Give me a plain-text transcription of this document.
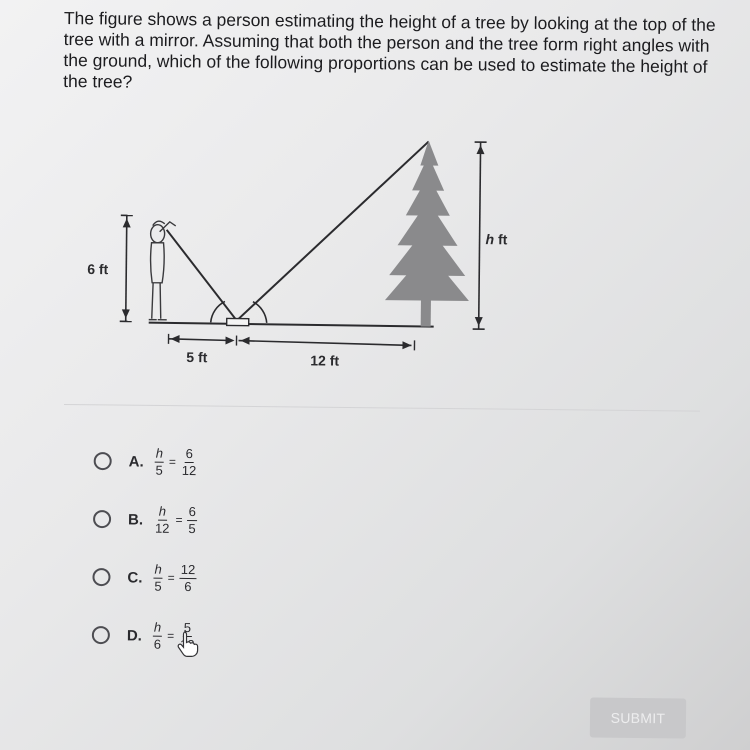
The figure shows a person estimating the height of a tree by looking at the top of the tree with a mirror. Assuming that both the person and the tree form right angles with the ground, which of the following proportions can be used to estimate the height of the tree?

6 ft
h ft
5 ft	12 ft
A. $\frac{h}{5} = \frac{6}{12}$
B. $\frac{h}{12} = \frac{6}{5}$
C. $\frac{h}{5} = \frac{12}{6}$
D. $\frac{h}{6}$ =
5
SUBMIT
